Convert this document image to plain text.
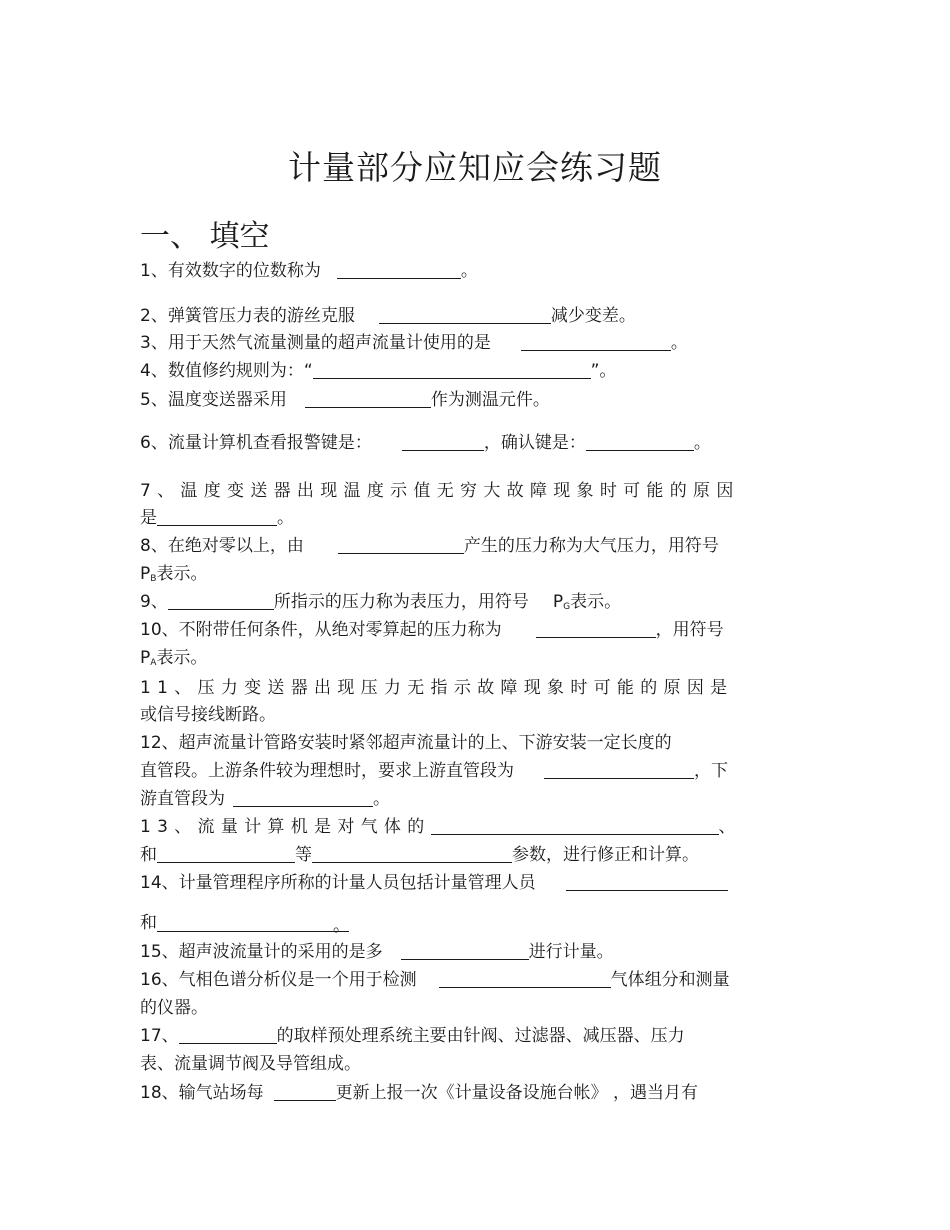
计量部分应知应会练习题
一、 填空
1、有效数字的位数称为	。
2、弹簧管压力表的游丝克服	减少变差。
3、用于天然气流量测量的超声流量计使用的是	。
4、数值修约规则为：“	”。
5、温度变送器采用	作为测温元件。
6、流量计算机查看报警键是：	，确认键是：	。
7、温度变送器出现温度示值无穷大故障现象时可能的原因
是	。
8、在绝对零以上，由	产生的压力称为大气压力，用符号
$P_B$表示。
9、	所指示的压力称为表压力，用符号 $P_G$表示。
10、不附带任何条件，从绝对零算起的压力称为	，用符号
$P_A$表示。
11、压力变送器出现压力无指示故障现象时可能的原因是
或信号接线断路。
12、超声流量计管路安装时紧邻超声流量计的上、下游安装一定长度的
直管段。上游条件较为理想时，要求上游直管段为	，下
游直管段为	。
13、流量计算机是对气体的	、
和	等	参数，进行修正和计算。
14、计量管理程序所称的计量人员包括计量管理人员
和	。
15、超声波流量计的采用的是多	进行计量。
16、气相色谱分析仪是一个用于检测	气体组分和测量
的仪器。
17、	的取样预处理系统主要由针阀、过滤器、减压器、压力
表、流量调节阀及导管组成。
18、输气站场每	更新上报一次《计量设备设施台帐》 ，遇当月有
